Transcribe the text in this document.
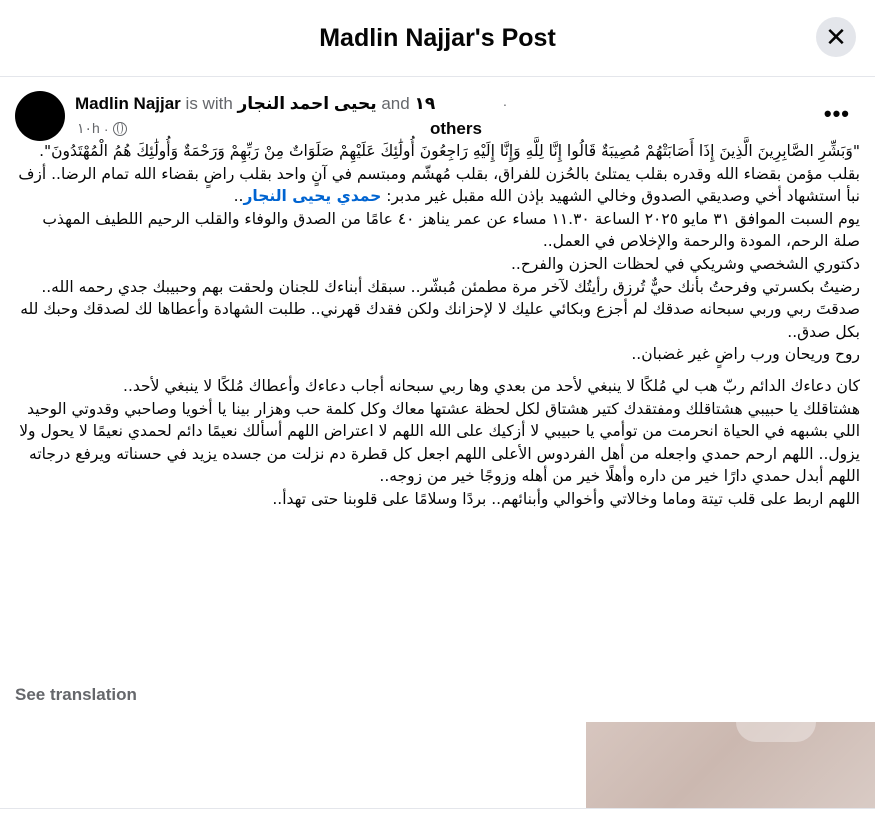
Madlin Najjar's Post	✕
Madlin Najjar is with يحيى احمد النجار and ١٩	.
others
١٠h ·
•••

"وَبَشِّرِ الصَّابِرِينَ الَّذِينَ إِذَا أَصَابَتْهُمْ مُصِيبَةٌ قَالُوا إِنَّا لِلَّهِ وَإِنَّا إِلَيْهِ رَاجِعُونَ أُولَٰئِكَ عَلَيْهِمْ صَلَوَاتٌ مِنْ رَبِّهِمْ وَرَحْمَةٌ وَأُولَٰئِكَ هُمُ الْمُهْتَدُونَ".

بقلب مؤمن بقضاء الله وقدره بقلب يمتلئ بالحُزن للفراق، بقلب مُهشّم ومبتسم في آنٍ واحد بقلب راضٍ بقضاء الله تمام الرضا.. أزف نبأ استشهاد أخي وصديقي الصدوق وخالي الشهيد بإذن الله مقبل غير مدبر: حمدي يحيى النجار..

يوم السبت الموافق ٣١ مايو ٢٠٢٥ الساعة ١١.٣٠ مساء عن عمر يناهز ٤٠ عامًا من الصدق والوفاء والقلب الرحيم اللطيف المهذب صلة الرحم، المودة والرحمة والإخلاص في العمل..

دكتوري الشخصي وشريكي في لحظات الحزن والفرح..

رضيتُ بكسرتي وفرحتُ بأنك حيٌّ تُرزق رأيتُك لآخر مرة مطمئن مُبشّر.. سبقك أبناءك للجنان ولحقت بهم وحبيبك جدي رحمه الله..

صدقتَ ربي وربي سبحانه صدقك لم أجزع وبكائي عليك لا لإحزانك ولكن فقدك قهرني.. طلبت الشهادة وأعطاها لك لصدقك وحبك لله بكل صدق..

روح وريحان ورب راضٍ غير غضبان..

كان دعاءك الدائم ربّ هب لي مُلكًا لا ينبغي لأحد من بعدي وها ربي سبحانه أجاب دعاءك وأعطاك مُلكًا لا ينبغي لأحد..

هشتاقلك يا حبيبي هشتاقلك ومفتقدك كتير هشتاق لكل لحظة عشتها معاك وكل كلمة حب وهزار بينا يا أخويا وصاحبي وقدوتي الوحيد اللي بشبهه في الحياة انحرمت من توأمي يا حبيبي لا أزكيك على الله اللهم لا اعتراض اللهم أسألك نعيمًا دائم لحمدي نعيمًا لا يحول ولا يزول.. اللهم ارحم حمدي واجعله من أهل الفردوس الأعلى اللهم اجعل كل قطرة دم نزلت من جسده يزيد في حسناته ويرفع درجاته اللهم أبدل حمدي دارًا خير من داره وأهلًا خير من أهله وزوجًا خير من زوجه..

اللهم اربط على قلب تيتة وماما وخالاتي وأخوالي وأبنائهم.. بردًا وسلامًا على قلوبنا حتى تهدأ..

See translation
